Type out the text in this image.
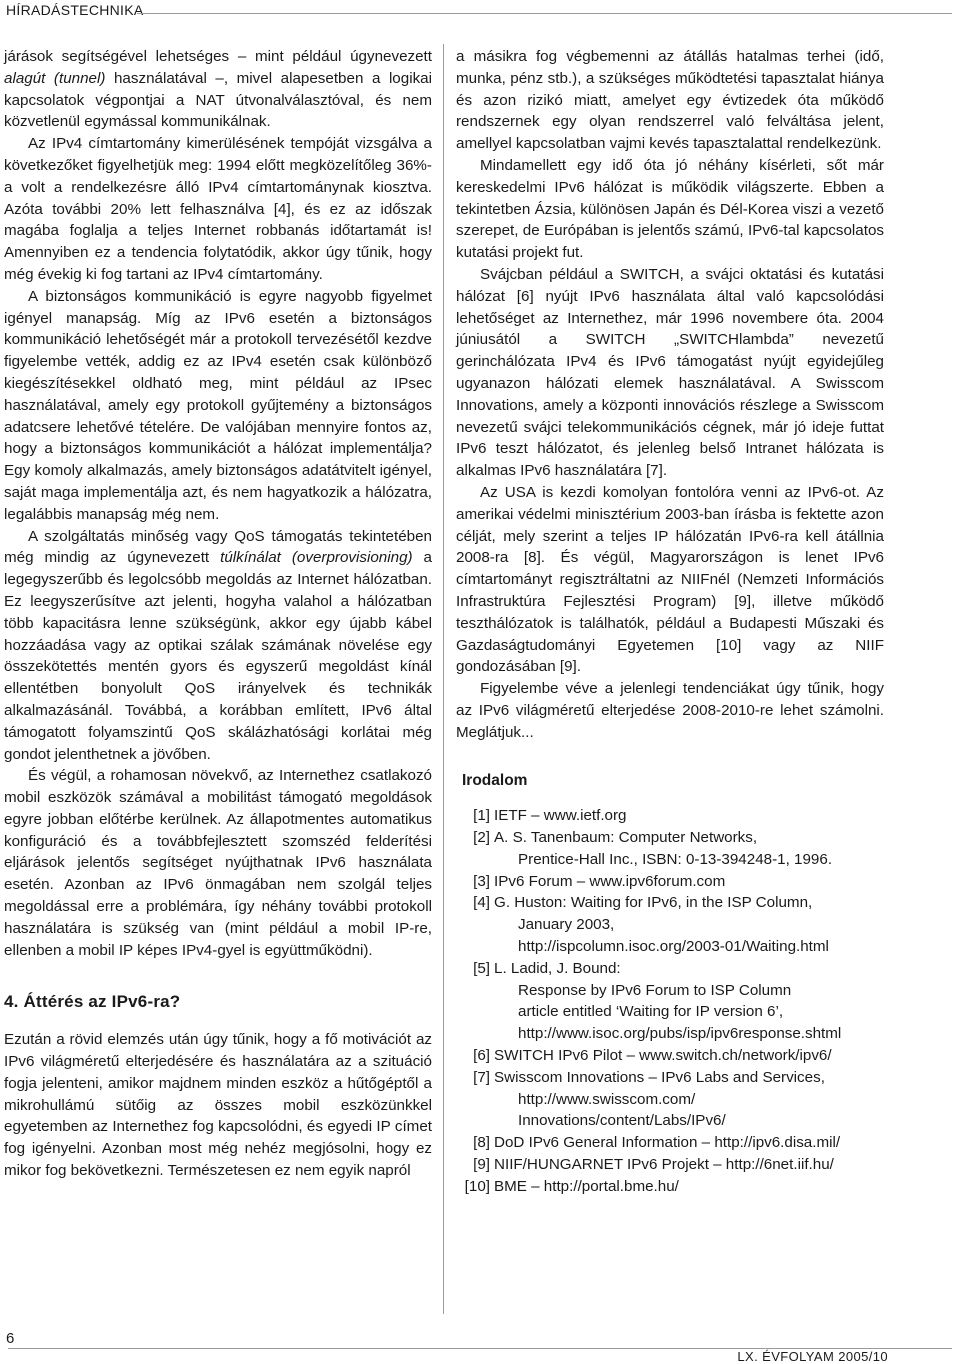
HÍRADÁSTECHNIKA

járások segítségével lehetséges – mint például úgynevezett alagút (tunnel) használatával –, mivel alapesetben a logikai kapcsolatok végpontjai a NAT útvonalválasztóval, és nem közvetlenül egymással kommunikálnak.

Az IPv4 címtartomány kimerülésének tempóját vizsgálva a következőket figyelhetjük meg: 1994 előtt megközelítőleg 36%-a volt a rendelkezésre álló IPv4 címtartománynak kiosztva. Azóta további 20% lett felhasználva [4], és ez az időszak magába foglalja a teljes Internet robbanás időtartamát is! Amennyiben ez a tendencia folytatódik, akkor úgy tűnik, hogy még évekig ki fog tartani az IPv4 címtartomány.

A biztonságos kommunikáció is egyre nagyobb figyelmet igényel manapság. Míg az IPv6 esetén a biztonságos kommunikáció lehetőségét már a protokoll tervezésétől kezdve figyelembe vették, addig ez az IPv4 esetén csak különböző kiegészítésekkel oldható meg, mint például az IPsec használatával, amely egy protokoll gyűjtemény a biztonságos adatcsere lehetővé tételére. De valójában mennyire fontos az, hogy a biztonságos kommunikációt a hálózat implementálja? Egy komoly alkalmazás, amely biztonságos adatátvitelt igényel, saját maga implementálja azt, és nem hagyatkozik a hálózatra, legalábbis manapság még nem.

A szolgáltatás minőség vagy QoS támogatás tekintetében még mindig az úgynevezett túlkínálat (overprovisioning) a legegyszerűbb és legolcsóbb megoldás az Internet hálózatban. Ez leegyszerűsítve azt jelenti, hogyha valahol a hálózatban több kapacitásra lenne szükségünk, akkor egy újabb kábel hozzáadása vagy az optikai szálak számának növelése egy összekötettés mentén gyors és egyszerű megoldást kínál ellentétben bonyolult QoS irányelvek és technikák alkalmazásánál. Továbbá, a korábban említett, IPv6 által támogatott folyamszintű QoS skálázhatósági korlátai még gondot jelenthetnek a jövőben.

És végül, a rohamosan növekvő, az Internethez csatlakozó mobil eszközök számával a mobilitást támogató megoldások egyre jobban előtérbe kerülnek. Az állapotmentes automatikus konfiguráció és a továbbfejlesztett szomszéd felderítési eljárások jelentős segítséget nyújthatnak IPv6 használata esetén. Azonban az IPv6 önmagában nem szolgál teljes megoldással erre a problémára, így néhány további protokoll használatára is szükség van (mint például a mobil IP-re, ellenben a mobil IP képes IPv4-gyel is együttműködni).

4. Áttérés az IPv6-ra?

Ezután a rövid elemzés után úgy tűnik, hogy a fő motivációt az IPv6 világméretű elterjedésére és használatára az a szituáció fogja jelenteni, amikor majdnem minden eszköz a hűtőgéptől a mikrohullámú sütőig az összes mobil eszközünkkel egyetemben az Internethez fog kapcsolódni, és egyedi IP címet fog igényelni. Azonban most még nehéz megjósolni, hogy ez mikor fog bekövetkezni. Természetesen ez nem egyik napról

a másikra fog végbemenni az átállás hatalmas terhei (idő, munka, pénz stb.), a szükséges működtetési tapasztalat hiánya és azon rizikó miatt, amelyet egy évtizedek óta működő rendszernek egy olyan rendszerrel való felváltása jelent, amellyel kapcsolatban vajmi kevés tapasztalattal rendelkezünk.

Mindamellett egy idő óta jó néhány kísérleti, sőt már kereskedelmi IPv6 hálózat is működik világszerte. Ebben a tekintetben Ázsia, különösen Japán és Dél-Korea viszi a vezető szerepet, de Európában is jelentős számú, IPv6-tal kapcsolatos kutatási projekt fut.

Svájcban például a SWITCH, a svájci oktatási és kutatási hálózat [6] nyújt IPv6 használata által való kapcsolódási lehetőséget az Internethez, már 1996 novembere óta. 2004 júniusától a SWITCH „SWITCHlambda” nevezetű gerinchálózata IPv4 és IPv6 támogatást nyújt egyidejűleg ugyanazon hálózati elemek használatával. A Swisscom Innovations, amely a központi innovációs részlege a Swisscom nevezetű svájci telekommunikációs cégnek, már jó ideje futtat IPv6 teszt hálózatot, és jelenleg belső Intranet hálózata is alkalmas IPv6 használatára [7].

Az USA is kezdi komolyan fontolóra venni az IPv6-ot. Az amerikai védelmi minisztérium 2003-ban írásba is fektette azon célját, mely szerint a teljes IP hálózatán IPv6-ra kell átállnia 2008-ra [8]. És végül, Magyarországon is lenet IPv6 címtartományt regisztráltatni az NIIFnél (Nemzeti Információs Infrastruktúra Fejlesztési Program) [9], illetve működő teszthálózatok is találhatók, például a Budapesti Műszaki és Gazdaságtudományi Egyetemen [10] vagy az NIIF gondozásában [9].

Figyelembe véve a jelenlegi tendenciákat úgy tűnik, hogy az IPv6 világméretű elterjedése 2008-2010-re lehet számolni. Meglátjuk...

Irodalom
[1] IETF – www.ietf.org
[2] A. S. Tanenbaum: Computer Networks,
Prentice-Hall Inc., ISBN: 0-13-394248-1, 1996.
[3] IPv6 Forum – www.ipv6forum.com
[4] G. Huston: Waiting for IPv6, in the ISP Column,
January 2003,
http://ispcolumn.isoc.org/2003-01/Waiting.html
[5] L. Ladid, J. Bound:
Response by IPv6 Forum to ISP Column
article entitled ‘Waiting for IP version 6’,
http://www.isoc.org/pubs/isp/ipv6response.shtml
[6] SWITCH IPv6 Pilot – www.switch.ch/network/ipv6/
[7] Swisscom Innovations – IPv6 Labs and Services,
http://www.swisscom.com/
Innovations/content/Labs/IPv6/
[8] DoD IPv6 General Information – http://ipv6.disa.mil/
[9] NIIF/HUNGARNET IPv6 Projekt – http://6net.iif.hu/
[10] BME – http://portal.bme.hu/
6
LX. ÉVFOLYAM 2005/10
